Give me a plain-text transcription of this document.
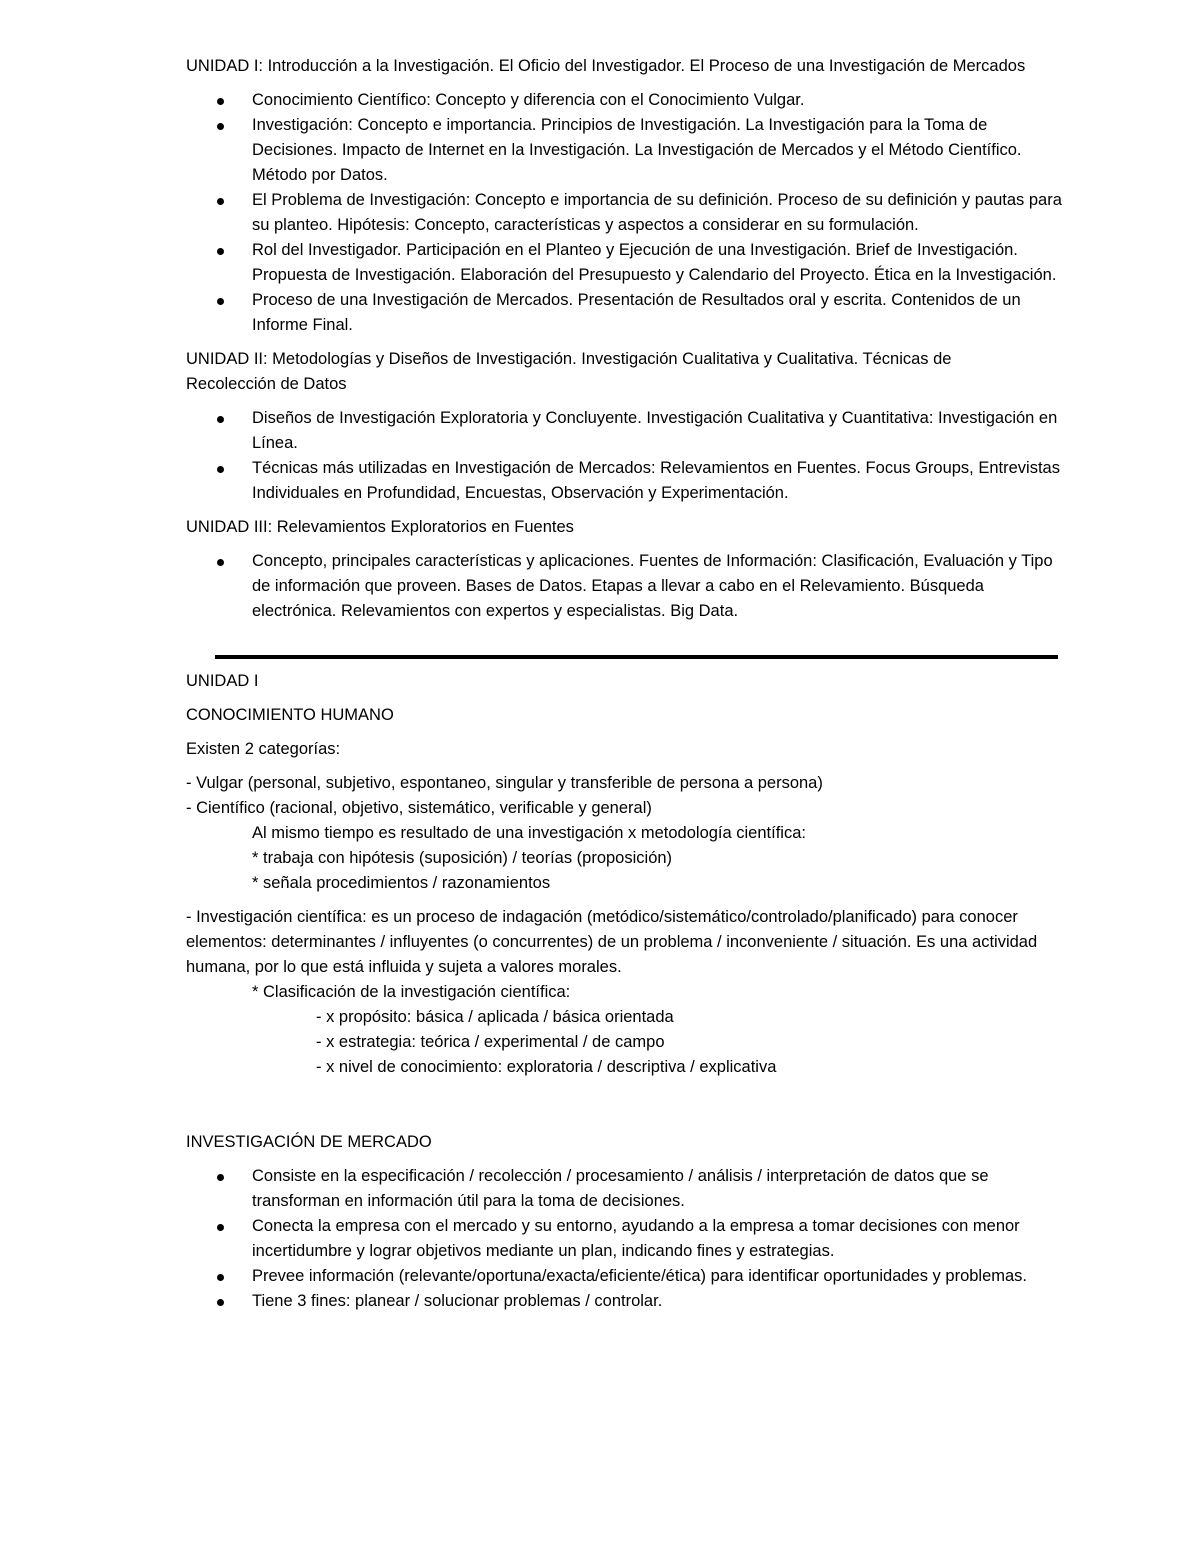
UNIDAD I: Introducción a la Investigación. El Oficio del Investigador. El Proceso de una Investigación de Mercados

Conocimiento Científico: Concepto y diferencia con el Conocimiento Vulgar.
Investigación: Concepto e importancia. Principios de Investigación. La Investigación para la Toma de Decisiones. Impacto de Internet en la Investigación. La Investigación de Mercados y el Método Científico. Método por Datos.
El Problema de Investigación: Concepto e importancia de su definición. Proceso de su definición y pautas para su planteo. Hipótesis: Concepto, características y aspectos a considerar en su formulación.
Rol del Investigador. Participación en el Planteo y Ejecución de una Investigación. Brief de Investigación. Propuesta de Investigación. Elaboración del Presupuesto y Calendario del Proyecto. Ética en la Investigación.
Proceso de una Investigación de Mercados. Presentación de Resultados oral y escrita. Contenidos de un Informe Final.

UNIDAD II: Metodologías y Diseños de Investigación. Investigación Cualitativa y Cualitativa. Técnicas de Recolección de Datos

Diseños de Investigación Exploratoria y Concluyente. Investigación Cualitativa y Cuantitativa: Investigación en Línea.
Técnicas más utilizadas en Investigación de Mercados: Relevamientos en Fuentes. Focus Groups, Entrevistas Individuales en Profundidad, Encuestas, Observación y Experimentación.

UNIDAD III: Relevamientos Exploratorios en Fuentes

Concepto, principales características y aplicaciones. Fuentes de Información: Clasificación, Evaluación y Tipo de información que proveen. Bases de Datos. Etapas a llevar a cabo en el Relevamiento. Búsqueda electrónica. Relevamientos con expertos y especialistas. Big Data.

UNIDAD I

CONOCIMIENTO HUMANO

Existen 2 categorías:

- Vulgar (personal, subjetivo, espontaneo, singular y transferible de persona a persona)

- Científico (racional, objetivo, sistemático, verificable y general)

Al mismo tiempo es resultado de una investigación x metodología científica:

* trabaja con hipótesis (suposición) / teorías (proposición)

* señala procedimientos / razonamientos

- Investigación científica: es un proceso de indagación (metódico/sistemático/controlado/planificado) para conocer elementos: determinantes / influyentes (o concurrentes) de un problema / inconveniente / situación. Es una actividad humana, por lo que está influida y sujeta a valores morales.

* Clasificación de la investigación científica:

- x propósito: básica / aplicada / básica orientada

- x estrategia: teórica / experimental / de campo

- x nivel de conocimiento: exploratoria / descriptiva / explicativa

INVESTIGACIÓN DE MERCADO

Consiste en la especificación / recolección / procesamiento / análisis / interpretación de datos que se transforman en información útil para la toma de decisiones.
Conecta la empresa con el mercado y su entorno, ayudando a la empresa a tomar decisiones con menor incertidumbre y lograr objetivos mediante un plan, indicando fines y estrategias.
Prevee información (relevante/oportuna/exacta/eficiente/ética) para identificar oportunidades y problemas.
Tiene 3 fines: planear / solucionar problemas / controlar.
